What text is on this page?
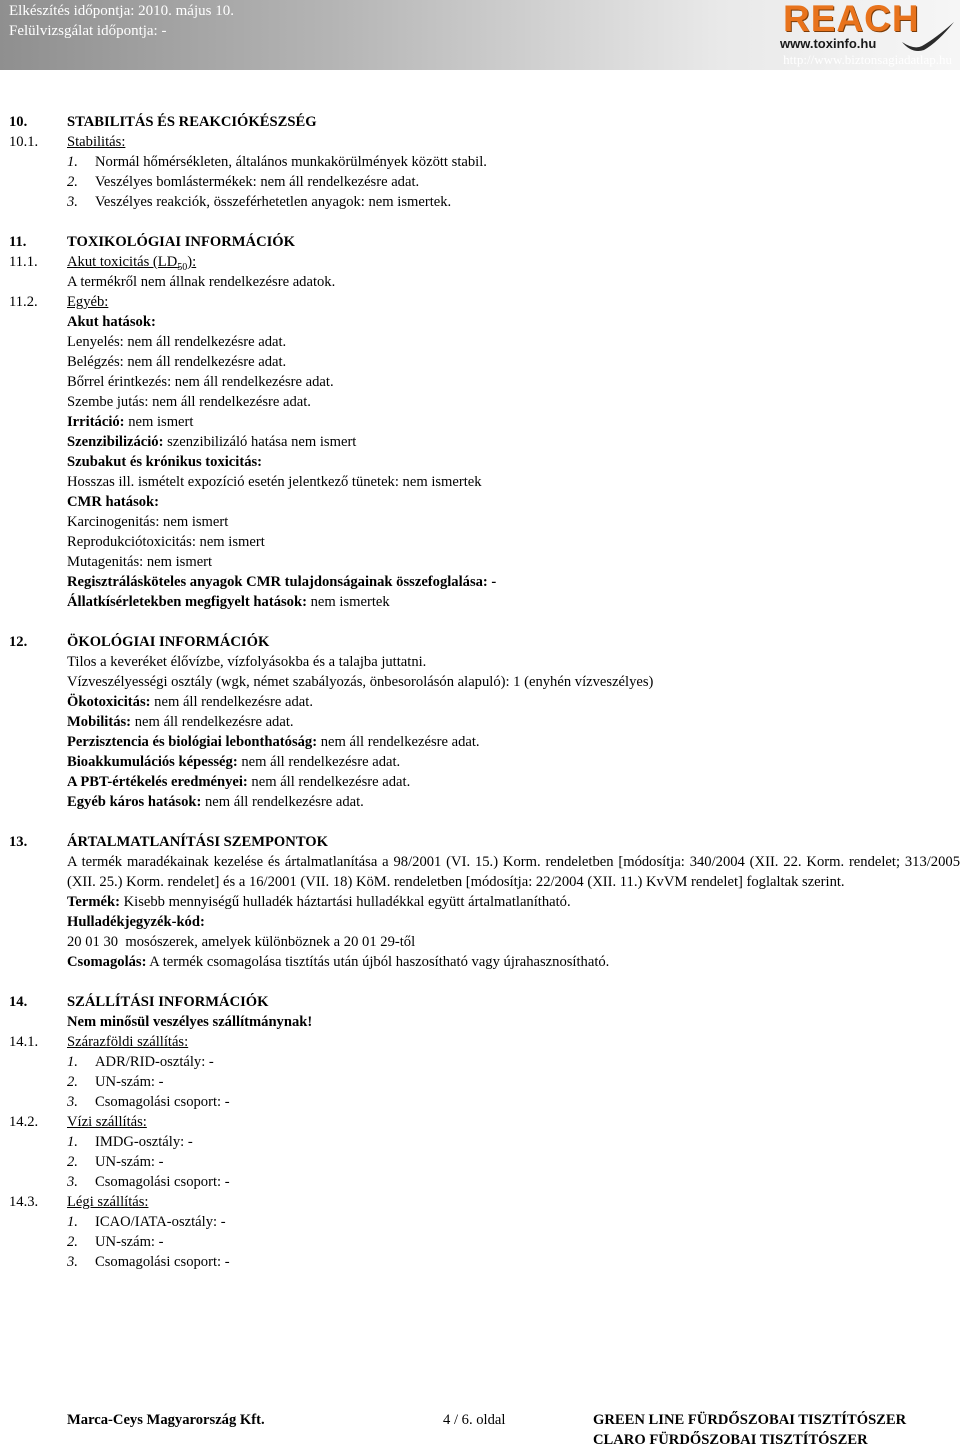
Elkészítés időpontja: 2010. május 10.
Felülvizsgálat időpontja: -	REACH
www.toxinfo.hu
http://www.biztonsagiadatlap.hu
10.	STABILITÁS ÉS REAKCIÓKÉSZSÉG
10.1. Stabilitás:
1. Normál hőmérsékleten, általános munkakörülmények között stabil.
2. Veszélyes bomlástermékek: nem áll rendelkezésre adat.
3. Veszélyes reakciók, összeférhetetlen anyagok: nem ismertek.
11.	TOXIKOLÓGIAI INFORMÁCIÓK
11.1. Akut toxicitás $(LD_{50})$:
A termékről nem állnak rendelkezésre adatok.
11.2. Egyéb:
Akut hatások:
Lenyelés: nem áll rendelkezésre adat.
Belégzés: nem áll rendelkezésre adat.
Bőrrel érintkezés: nem áll rendelkezésre adat.
Szembe jutás: nem áll rendelkezésre adat.
Irritáció: nem ismert
Szenzibilizáció: szenzibilizáló hatása nem ismert
Szubakut és krónikus toxicitás:
Hosszas ill. ismételt expozíció esetén jelentkező tünetek: nem ismertek
CMR hatások:
Karcinogenitás: nem ismert
Reprodukciótoxicitás: nem ismert
Mutagenitás: nem ismert
Regisztrálásköteles anyagok CMR tulajdonságainak összefoglalása: -
Állatkísérletekben megfigyelt hatások: nem ismertek
12.	ÖKOLÓGIAI INFORMÁCIÓK
Tilos a keveréket élővízbe, vízfolyásokba és a talajba juttatni.
Vízveszélyességi osztály (wgk, német szabályozás, önbesorolásón alapuló): 1 (enyhén vízveszélyes)
Ökotoxicitás: nem áll rendelkezésre adat.
Mobilitás: nem áll rendelkezésre adat.
Perzisztencia és biológiai lebonthatóság: nem áll rendelkezésre adat.
Bioakkumulációs képesség: nem áll rendelkezésre adat.
A PBT-értékelés eredményei: nem áll rendelkezésre adat.
Egyéb káros hatások: nem áll rendelkezésre adat.
13.	ÁRTALMATLANÍTÁSI SZEMPONTOK
A termék maradékainak kezelése és ártalmatlanítása a 98/2001 (VI. 15.) Korm. rendeletben [módosítja: 340/2004 (XII. 22. Korm. rendelet; 313/2005 (XII. 25.) Korm. rendelet] és a 16/2001 (VII. 18) KöM. rendeletben [módosítja: 22/2004 (XII. 11.) KvVM rendelet] foglaltak szerint.
Termék: Kisebb mennyiségű hulladék háztartási hulladékkal együtt ártalmatlanítható.
Hulladékjegyzék-kód:
20 01 30  mosószerek, amelyek különböznek a 20 01 29-től
Csomagolás: A termék csomagolása tisztítás után újból haszosítható vagy újrahasznosítható.
14.	SZÁLLÍTÁSI INFORMÁCIÓK
Nem minősül veszélyes szállítmánynak!
14.1. Szárazföldi szállítás:
1. ADR/RID-osztály: -
2. UN-szám: -
3. Csomagolási csoport: -
14.2. Vízi szállítás:
1. IMDG-osztály: -
2. UN-szám: -
3. Csomagolási csoport: -
14.3. Légi szállítás:
1. ICAO/IATA-osztály: -
2. UN-szám: -
3. Csomagolási csoport: -
Marca-Ceys Magyarország Kft.	4 / 6. oldal	GREEN LINE FÜRDŐSZOBAI TISZTÍTÓSZER
CLARO FÜRDŐSZOBAI TISZTÍTÓSZER
